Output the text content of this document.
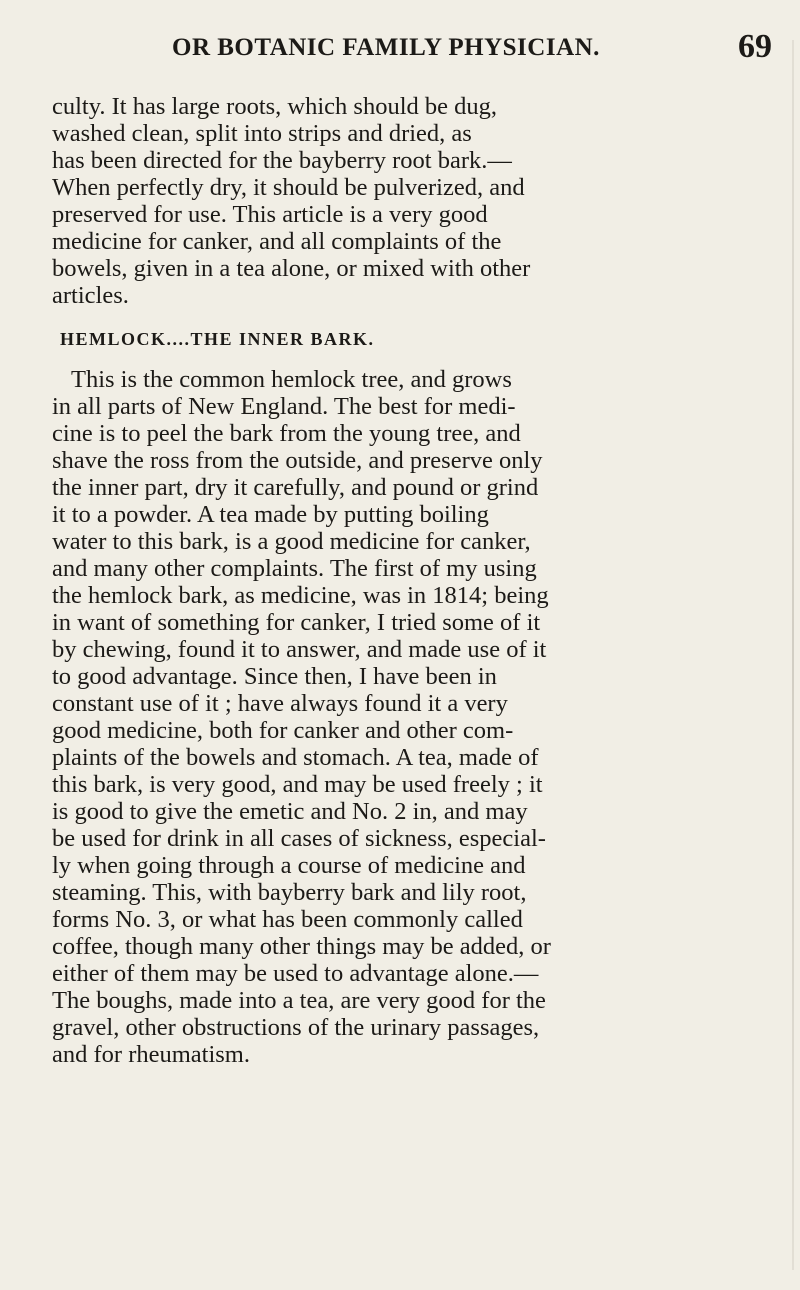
OR BOTANIC FAMILY PHYSICIAN.	69
culty. It has large roots, which should be dug,
washed clean, split into strips and dried, as
has been directed for the bayberry root bark.—
When perfectly dry, it should be pulverized, and
preserved for use. This article is a very good
medicine for canker, and all complaints of the
bowels, given in a tea alone, or mixed with other
articles.
HEMLOCK....THE INNER BARK.
This is the common hemlock tree, and grows
in all parts of New England. The best for medi-
cine is to peel the bark from the young tree, and
shave the ross from the outside, and preserve only
the inner part, dry it carefully, and pound or grind
it to a powder. A tea made by putting boiling
water to this bark, is a good medicine for canker,
and many other complaints. The first of my using
the hemlock bark, as medicine, was in 1814; being
in want of something for canker, I tried some of it
by chewing, found it to answer, and made use of it
to good advantage. Since then, I have been in
constant use of it ; have always found it a very
good medicine, both for canker and other com-
plaints of the bowels and stomach. A tea, made of
this bark, is very good, and may be used freely ; it
is good to give the emetic and No. 2 in, and may
be used for drink in all cases of sickness, especial-
ly when going through a course of medicine and
steaming. This, with bayberry bark and lily root,
forms No. 3, or what has been commonly called
coffee, though many other things may be added, or
either of them may be used to advantage alone.—
The boughs, made into a tea, are very good for the
gravel, other obstructions of the urinary passages,
and for rheumatism.
